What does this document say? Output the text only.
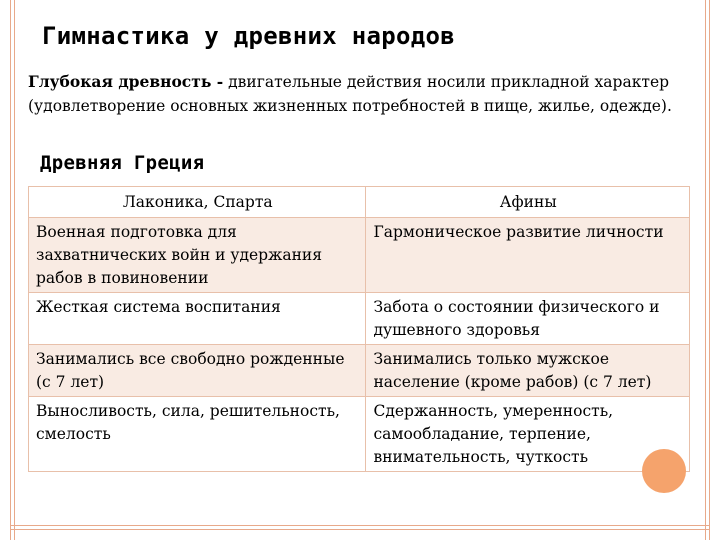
Гимнастика у древних народов
Глубокая древность - двигательные действия носили прикладной характер (удовлетворение основных жизненных потребностей в пище, жилье, одежде).
Древняя Греция
Лаконика, Спарта	Афины
Военная подготовка для захватнических войн и удержания рабов в повиновении	Гармоническое развитие личности
Жесткая система воспитания	Забота о состоянии физического и душевного здоровья
Занимались все свободно рожденные (с 7 лет)	Занимались только мужское население (кроме рабов) (с 7 лет)
Выносливость, сила, решительность, смелость	Сдержанность, умеренность, самообладание, терпение, внимательность, чуткость
